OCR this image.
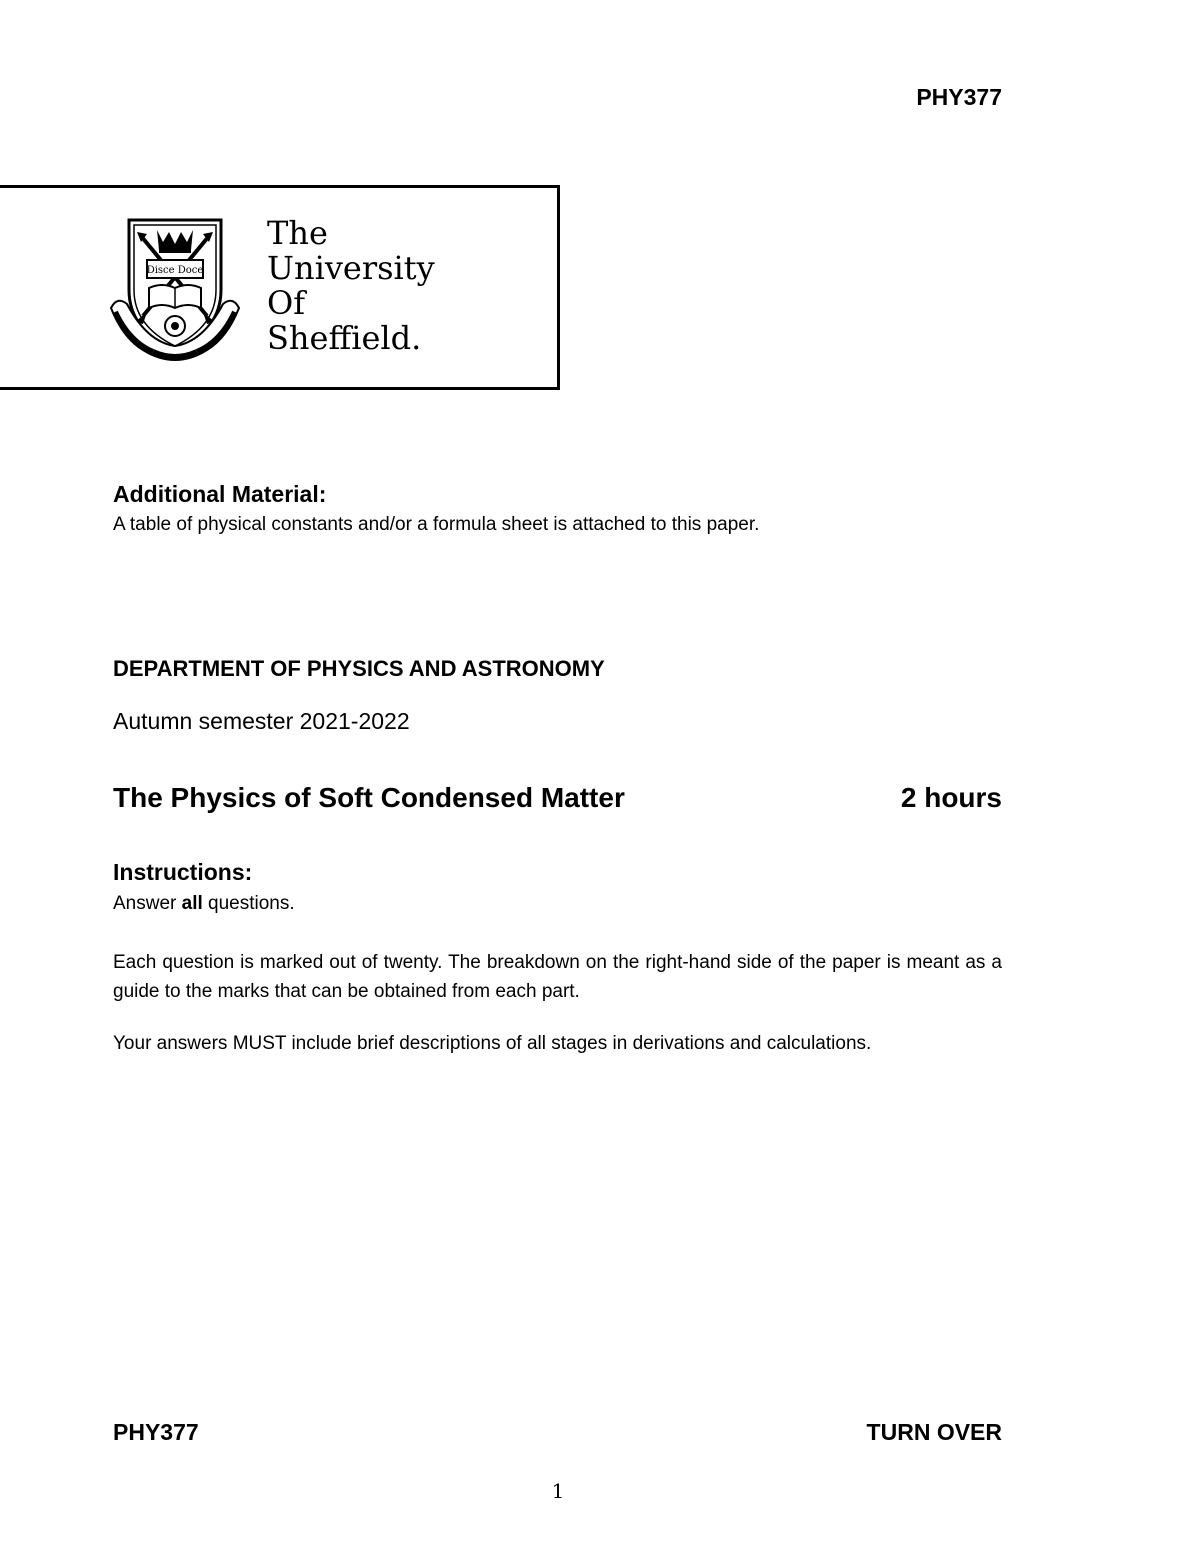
PHY377
Disce Doce
The
University
Of
Sheffield.
Additional Material:
A table of physical constants and/or a formula sheet is attached to this paper.
DEPARTMENT OF PHYSICS AND ASTRONOMY
Autumn semester 2021-2022
The Physics of Soft Condensed Matter	2 hours
Instructions:
Answer all questions.
Each question is marked out of twenty. The breakdown on the right-hand side of the paper is meant as a guide to the marks that can be obtained from each part.
Your answers MUST include brief descriptions of all stages in derivations and calculations.
PHY377	TURN OVER
1
